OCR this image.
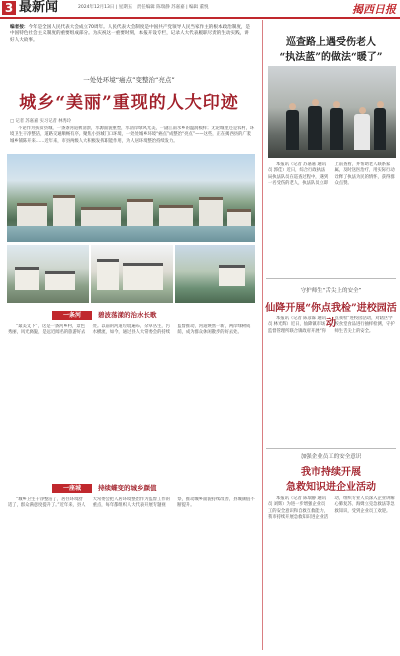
3 最新闻	2024年12月13日 | 星期五　责任编辑 陈瑞静 苏嘉嘉 | 编辑 董悦	揭西日报
编者按：今年是全国人民代表大会成立70周年。人民代表大会制度是中国共产党领导人民当家作主的根本政治制度，是中国特色社会主义制度的重要组成部分。为庆祝这一重要时刻，本报开设专栏，记录人大代表履职尽责的生动实践，讲好人大故事。
一处处环境“癌点”变整治“亮点”
城乡“美丽”重现的人大印迹
□ 记者 苏嘉嘉 实习记者 林秀玲
不论作为扶贫县城，一条条河道被清淤，水源面貌重塑，水清岸绿风光美，一副江南水乡的温润模样；无论城里还是农村，环境卫生干净整洁，道路交通顺畅有序。聚焦小县城门口环境，一处处城乡环境“癌点”成整治“亮点”——这些，正在揭西县的广袤城乡铺陈开来……近年来，市县两级人大积极发挥职能作用，为人居环境整治持续发力。
一条河	碧波荡漾的治水长歌
“最美丈下”，这是一条河乡村，景色秀丽，风光旖旎，是远近闻名的旅游好去处。以前的河道垃圾遍布，杂草丛生，污水横流，如今，通过县人大常委会的持续监督推动，河道焕然一新，两岸绿树成荫，成为群众休闲散步的好去处。
一座城	持续蝶变的城乡颜值
“城乡卫生干净整洁了，居住环境舒适了，群众满意度提升了。”近年来，县人大常委会把人居环境整治作为监督工作的重点，每年都组织人大代表开展专题视察，推动城乡面貌持续改善，县城颜值不断提升。
巡查路上遇受伤老人
“执法蓝”的做法“暖了”
本报讯（记者 苏嘉嘉 通讯员 郭佳）近日，综合行政执法局执法队员在巡查过程中，遇到一名受伤的老人，执法队员立即上前查看，并帮助老人联系家属，及时送医治疗，用实际行动诠释了执法为民的情怀，获得群众点赞。
守护师生“舌尖上的安全”
仙降开展“你点我检”进校园活动
本报讯（记者 陈彦霖 通讯员 林光辉）近日，仙降镇市场监督管理所联合镇政府开展“你点我检”进校园活动，对辖区学校食堂食品进行抽样检测，守护师生舌尖上的安全。
加强企业员工的安全意识
我市持续开展
急救知识进企业活动
本报讯（记者 陈瑞静 通讯员 刘辉）为进一步增强企业员工的安全意识和自救互救能力，我市持续开展急救知识进企业活动，组织专业人员深入企业讲解心肺复苏、海姆立克急救法等急救知识，受到企业员工欢迎。
